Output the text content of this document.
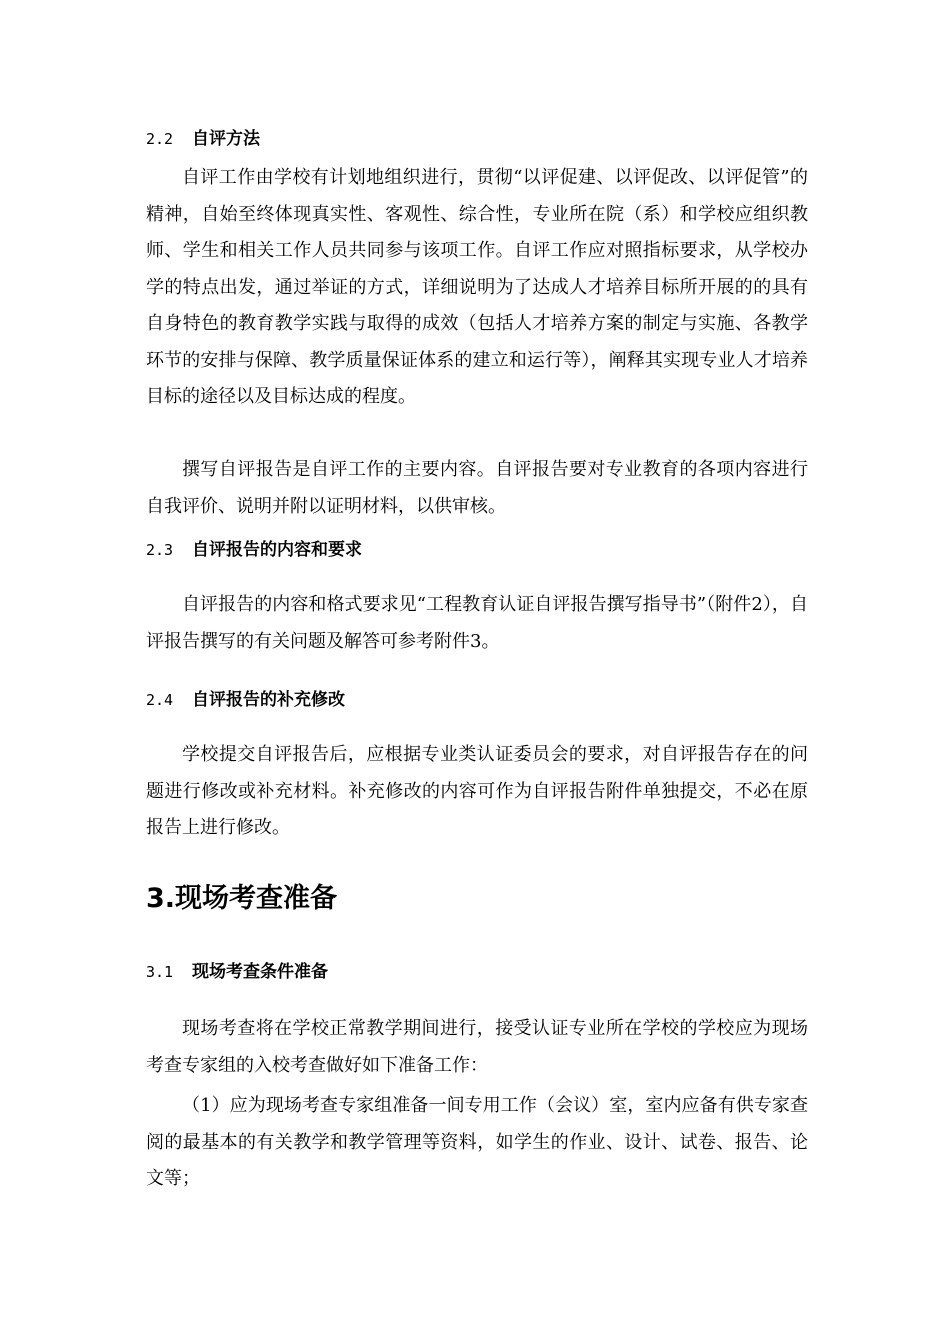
2.2 自评方法

自评工作由学校有计划地组织进行，贯彻“以评促建、以评促改、以评促管”的精神，自始至终体现真实性、客观性、综合性，专业所在院（系）和学校应组织教师、学生和相关工作人员共同参与该项工作。自评工作应对照指标要求，从学校办学的特点出发，通过举证的方式，详细说明为了达成人才培养目标所开展的的具有自身特色的教育教学实践与取得的成效（包括人才培养方案的制定与实施、各教学环节的安排与保障、教学质量保证体系的建立和运行等），阐释其实现专业人才培养目标的途径以及目标达成的程度。

撰写自评报告是自评工作的主要内容。自评报告要对专业教育的各项内容进行自我评价、说明并附以证明材料，以供审核。

2.3 自评报告的内容和要求

自评报告的内容和格式要求见“工程教育认证自评报告撰写指导书”（附件2），自评报告撰写的有关问题及解答可参考附件3。

2.4 自评报告的补充修改

学校提交自评报告后，应根据专业类认证委员会的要求，对自评报告存在的问题进行修改或补充材料。补充修改的内容可作为自评报告附件单独提交，不必在原报告上进行修改。

3.现场考查准备
3.1 现场考查条件准备

现场考查将在学校正常教学期间进行，接受认证专业所在学校的学校应为现场考查专家组的入校考查做好如下准备工作：

（1）应为现场考查专家组准备一间专用工作（会议）室，室内应备有供专家查阅的最基本的有关教学和教学管理等资料，如学生的作业、设计、试卷、报告、论文等；
